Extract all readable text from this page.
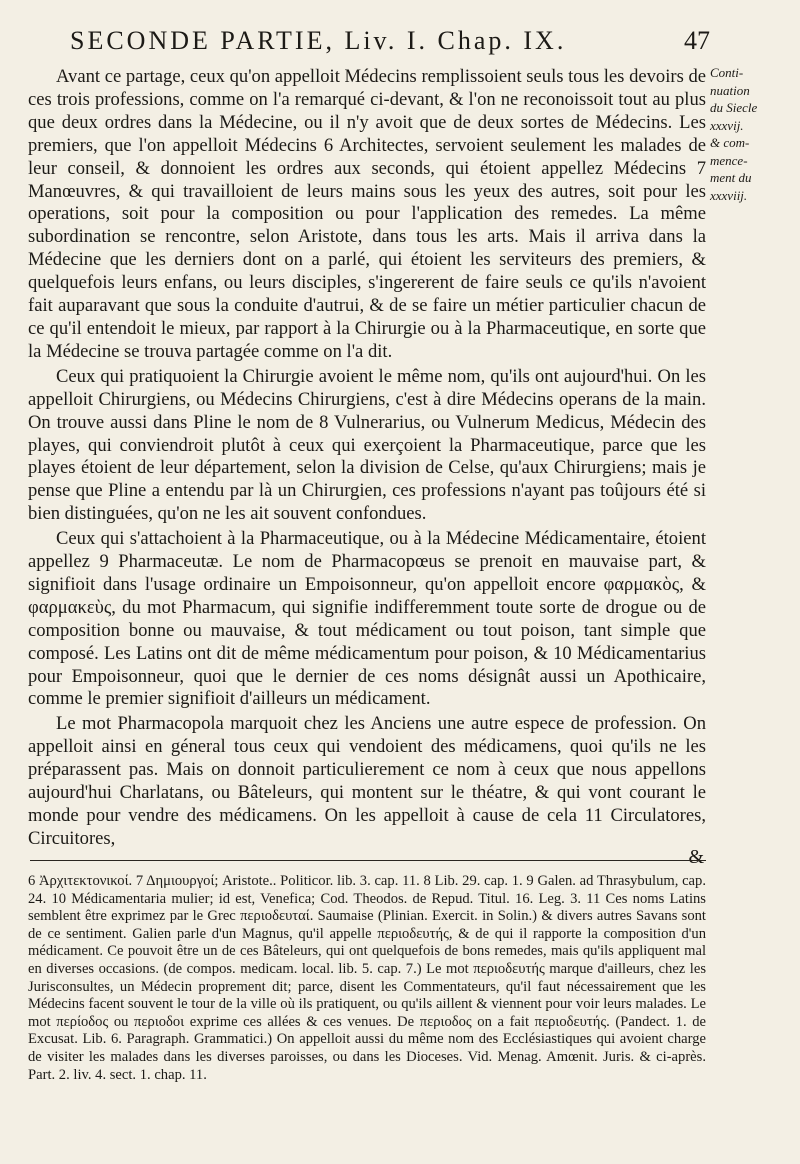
SECONDE PARTIE, Liv. I. Chap. IX.	47

Avant ce partage, ceux qu'on appelloit Médecins remplissoient seuls tous les devoirs de ces trois professions, comme on l'a remarqué ci-devant, & l'on ne reconoissoit tout au plus que deux ordres dans la Médecine, ou il n'y avoit que de deux sortes de Médecins. Les premiers, que l'on appelloit Médecins 6 Architectes, servoient seulement les malades de leur conseil, & donnoient les ordres aux seconds, qui étoient appellez Médecins 7 Manœuvres, & qui travailloient de leurs mains sous les yeux des autres, soit pour les operations, soit pour la composition ou pour l'application des remedes. La même subordination se rencontre, selon Aristote, dans tous les arts. Mais il arriva dans la Médecine que les derniers dont on a parlé, qui étoient les serviteurs des premiers, & quelquefois leurs enfans, ou leurs disciples, s'ingererent de faire seuls ce qu'ils n'avoient fait auparavant que sous la conduite d'autrui, & de se faire un métier particulier chacun de ce qu'il entendoit le mieux, par rapport à la Chirurgie ou à la Pharmaceutique, en sorte que la Médecine se trouva partagée comme on l'a dit.

Ceux qui pratiquoient la Chirurgie avoient le même nom, qu'ils ont aujourd'hui. On les appelloit Chirurgiens, ou Médecins Chirurgiens, c'est à dire Médecins operans de la main. On trouve aussi dans Pline le nom de 8 Vulnerarius, ou Vulnerum Medicus, Médecin des playes, qui conviendroit plutôt à ceux qui exerçoient la Pharmaceutique, parce que les playes étoient de leur département, selon la division de Celse, qu'aux Chirurgiens; mais je pense que Pline a entendu par là un Chirurgien, ces professions n'ayant pas toûjours été si bien distinguées, qu'on ne les ait souvent confondues.

Ceux qui s'attachoient à la Pharmaceutique, ou à la Médecine Médicamentaire, étoient appellez 9 Pharmaceutæ. Le nom de Pharmacopœus se prenoit en mauvaise part, & signifioit dans l'usage ordinaire un Empoisonneur, qu'on appelloit encore φαρμακὸς, & φαρμακεὺς, du mot Pharmacum, qui signifie indifferemment toute sorte de drogue ou de composition bonne ou mauvaise, & tout médicament ou tout poison, tant simple que composé. Les Latins ont dit de même médicamentum pour poison, & 10 Médicamentarius pour Empoisonneur, quoi que le dernier de ces noms désignât aussi un Apothicaire, comme le premier signifioit d'ailleurs un médicament.

Le mot Pharmacopola marquoit chez les Anciens une autre espece de profession. On appelloit ainsi en géneral tous ceux qui vendoient des médicamens, quoi qu'ils ne les préparassent pas. Mais on donnoit particulierement ce nom à ceux que nous appellons aujourd'hui Charlatans, ou Bâteleurs, qui montent sur le théatre, & qui vont courant le monde pour vendre des médicamens. On les appelloit à cause de cela 11 Circulatores, Circuitores,

Conti-
nuation
du Siecle
xxxvij.
& com-
mence-
ment du
xxxviij.
&

6 Ἀρχιτεκτονικοί. 7 Δημιουργοί; Aristote.. Politicor. lib. 3. cap. 11. 8 Lib. 29. cap. 1. 9 Galen. ad Thrasybulum, cap. 24. 10 Médicamentaria mulier; id est, Venefica; Cod. Theodos. de Repud. Titul. 16. Leg. 3. 11 Ces noms Latins semblent être exprimez par le Grec περιοδευταί. Saumaise (Plinian. Exercit. in Solin.) & divers autres Savans sont de ce sentiment. Galien parle d'un Magnus, qu'il appelle περιοδευτής, & de qui il rapporte la composition d'un médicament. Ce pouvoit être un de ces Bâteleurs, qui ont quelquefois de bons remedes, mais qu'ils appliquent mal en diverses occasions. (de compos. medicam. local. lib. 5. cap. 7.) Le mot περιοδευτής marque d'ailleurs, chez les Jurisconsultes, un Médecin proprement dit; parce, disent les Commentateurs, qu'il faut nécessairement que les Médecins facent souvent le tour de la ville où ils pratiquent, ou qu'ils aillent & viennent pour voir leurs malades. Le mot περίοδος ou περιοδοι exprime ces allées & ces venues. De περιοδος on a fait περιοδευτής. (Pandect. 1. de Excusat. Lib. 6. Paragraph. Grammatici.) On appelloit aussi du même nom des Ecclésiastiques qui avoient charge de visiter les malades dans les diverses paroisses, ou dans les Dioceses. Vid. Menag. Amœnit. Juris. & ci-après. Part. 2. liv. 4. sect. 1. chap. 11.
